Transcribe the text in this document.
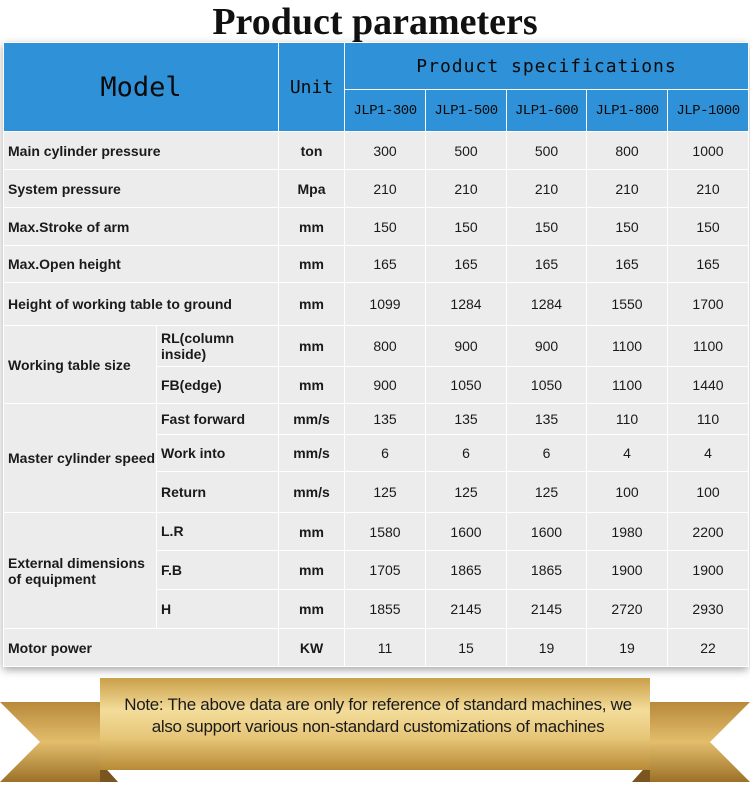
Product parameters
Model		Unit	Product specifications				
			JLP1-300	JLP1-500	JLP1-600	JLP1-800	JLP-1000
Main cylinder pressure		ton	300	500	500	800	1000
System pressure		Mpa	210	210	210	210	210
Max.Stroke of arm		mm	150	150	150	150	150
Max.Open height		mm	165	165	165	165	165
Height of working table to ground		mm	1099	1284	1284	1550	1700
Working table size	RL(column inside)	mm	800	900	900	1100	1100
	FB(edge)	mm	900	1050	1050	1100	1440
Master cylinder speed	Fast forward	mm/s	135	135	135	110	110
	Work into	mm/s	6	6	6	4	4
	Return	mm/s	125	125	125	100	100
External dimensions of equipment	L.R	mm	1580	1600	1600	1980	2200
	F.B	mm	1705	1865	1865	1900	1900
	H	mm	1855	2145	2145	2720	2930
Motor power		KW	11	15	19	19	22
Note: The above data are only for reference of standard machines, we
also support various non-standard customizations of machines
